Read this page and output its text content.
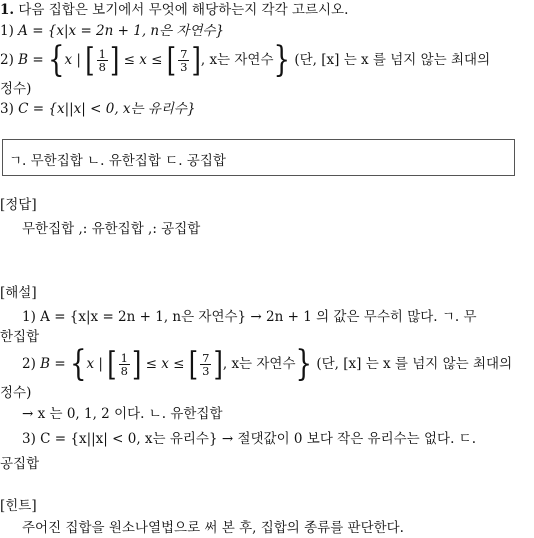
1. 다음 집합은 보기에서 무엇에 해당하는지 각각 고르시오.
1) A = {x|x = 2n + 1, n은 자연수}
2)
B =
{ x |
[ $\frac{1}{8}$ ]
≤ x ≤
[ $\frac{7}{3}$ ] , x는 자연수 }
(단, [x] 는 x 를 넘지 않는 최대의
정수)
3) C = {x||x| < 0, x는 유리수}
ㄱ. 무한집합 ㄴ. 유한집합 ㄷ. 공집합
[정답]
무한집합 ,: 유한집합 ,: 공집합
[해설]
1) A = {x|x = 2n + 1, n은 자연수} → 2n + 1 의 값은 무수히 많다. ㄱ. 무
한집합
2)
B =
{ x |
[ $\frac{1}{8}$ ]
≤ x ≤
[ $\frac{7}{3}$ ] , x는 자연수 }
(단, [x] 는 x 를 넘지 않는 최대의
정수)
→ x 는 0, 1, 2 이다. ㄴ. 유한집합
3) C = {x||x| < 0, x는 유리수} → 절댓값이 0 보다 작은 유리수는 없다. ㄷ.
공집합
[힌트]
주어진 집합을 원소나열법으로 써 본 후, 집합의 종류를 판단한다.
